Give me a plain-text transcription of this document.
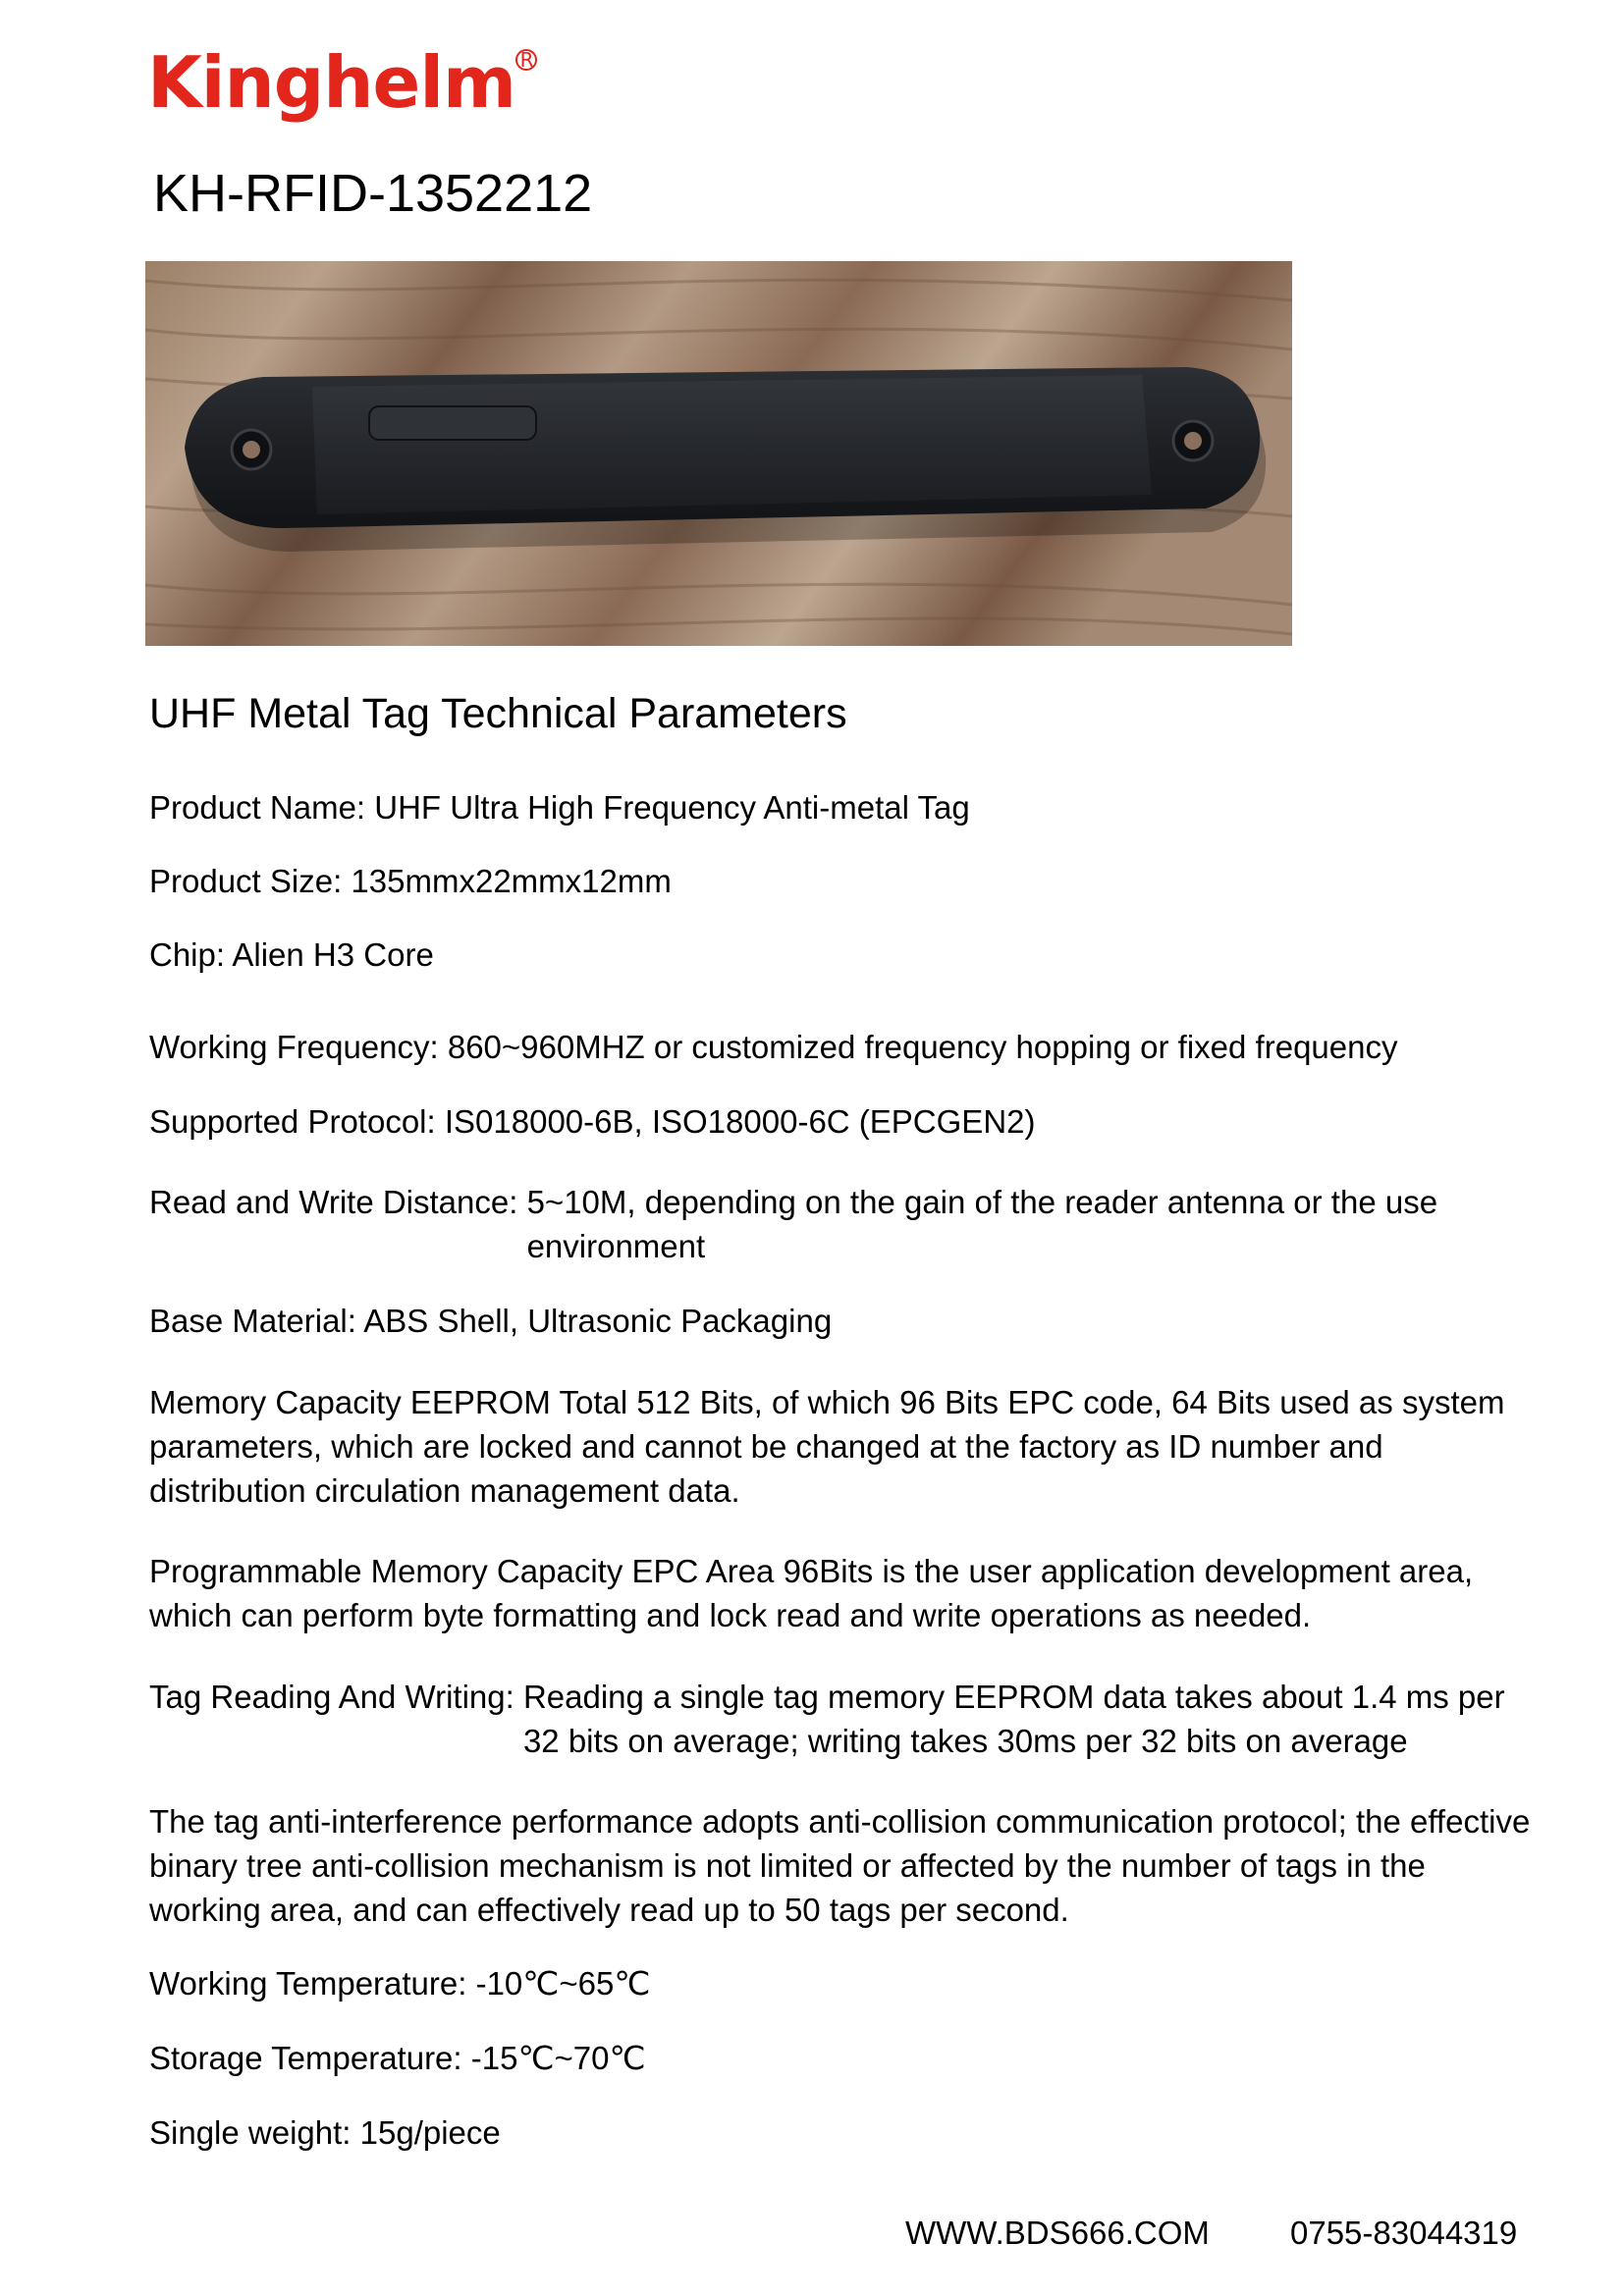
Kinghelm R
KH-RFID-1352212
UHF Metal Tag Technical Parameters
Product Name: UHF Ultra High Frequency Anti-metal Tag
Product Size: 135mmx22mmx12mm
Chip: Alien H3 Core
Working Frequency: 860~960MHZ or customized frequency hopping or fixed frequency
Supported Protocol: IS018000-6B, ISO18000-6C (EPCGEN2)
Read and Write Distance: 5~10M, depending on the gain of the reader antenna or the use environment
Base Material: ABS Shell, Ultrasonic Packaging
Memory Capacity EEPROM Total 512 Bits, of which 96 Bits EPC code, 64 Bits used as system parameters, which are locked and cannot be changed at the factory as ID number and distribution circulation management data.
Programmable Memory Capacity EPC Area 96Bits is the user application development area, which can perform byte formatting and lock read and write operations as needed.
Tag Reading And Writing: Reading a single tag memory EEPROM data takes about 1.4 ms per 32 bits on average; writing takes 30ms per 32 bits on average
The tag anti-interference performance adopts anti-collision communication protocol; the effective binary tree anti-collision mechanism is not limited or affected by the number of tags in the working area, and can effectively read up to 50 tags per second.
Working Temperature: -10℃~65℃
Storage Temperature: -15℃~70℃
Single weight: 15g/piece
WWW.BDS666.COM 0755-83044319
